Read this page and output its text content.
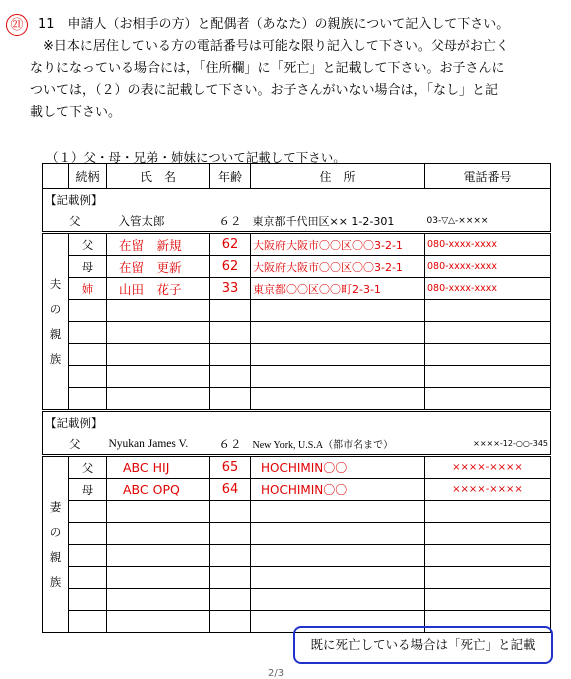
㉑	11　申請人（お相手の方）と配偶者（あなた）の親族について記入して下さい。
　※日本に居住している方の電話番号は可能な限り記入して下さい。父母がお亡く
なりになっている場合には，「住所欄」に「死亡」と記載して下さい。お子さんに
ついては，（２）の表に記載して下さい。お子さんがいない場合は，「なし」と記
載して下さい。
（１）父・母・兄弟・姉妹について記載して下さい。
	続柄	氏　名	年齢	住　所	電話番号
【記載例】					
父		入管太郎	６２	東京都千代田区×× 1-2-301	03-▽△-××××
夫の親族	父	在留　新規	62	大阪府大阪市〇〇区〇〇3-2-1	080-xxxx-xxxx
	母	在留　更新	62	大阪府大阪市〇〇区〇〇3-2-1	080-xxxx-xxxx
	姉	山田　花子	33	東京都〇〇区〇〇町2-3-1	080-xxxx-xxxx

【記載例】					
父		Nyukan James V.	６２	New York, U.S.A（都市名まで）	××××-12-○○-345
妻の親族	父	ABC HIJ	65	HOCHIMIN〇〇	××××-××××
	母	ABC OPQ	64	HOCHIMIN〇〇	××××-××××

既に死亡している場合は「死亡」と記載
2/3
